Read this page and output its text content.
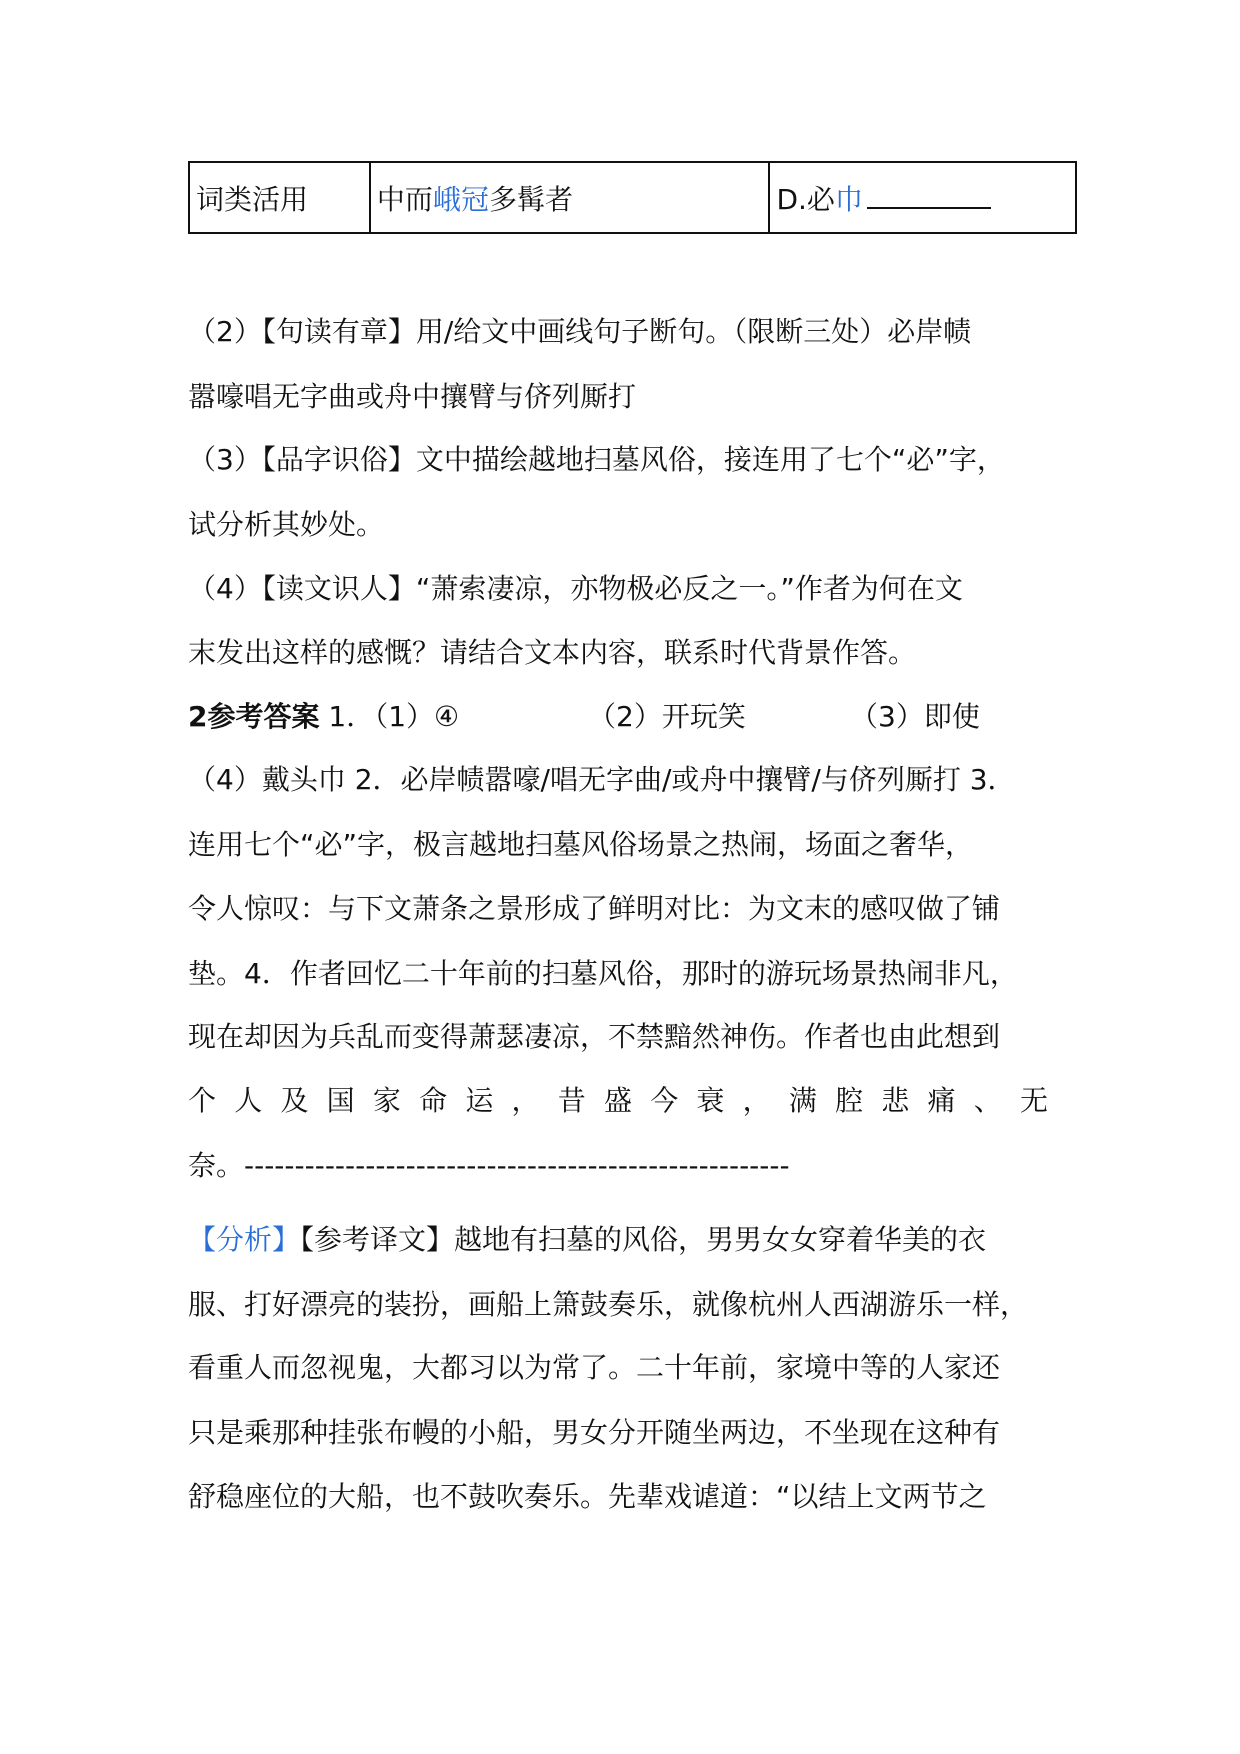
词类活用	中而峨冠多髯者	D.必巾
（2）【句读有章】用/给文中画线句子断句。（限断三处）必岸帻
嚣嚎唱无字曲或舟中攘臂与侪列厮打
（3）【品字识俗】文中描绘越地扫墓风俗，接连用了七个“必”字，
试分析其妙处。
（4）【读文识人】“萧索凄凉，亦物极必反之一。”作者为何在文
末发出这样的感慨？请结合文本内容，联系时代背景作答。
2参考答案 1．（1）④	（2）开玩笑	（3）即使
（4）戴头巾 2．必岸帻嚣嚎/唱无字曲/或舟中攘臂/与侪列厮打 3．
连用七个“必”字，极言越地扫墓风俗场景之热闹，场面之奢华，
令人惊叹：与下文萧条之景形成了鲜明对比：为文末的感叹做了铺
垫。4．作者回忆二十年前的扫墓风俗，那时的游玩场景热闹非凡，
现在却因为兵乱而变得萧瑟凄凉，不禁黯然神伤。作者也由此想到
个 人 及 国 家 命 运 ， 昔 盛 今 衰 ， 满 腔 悲 痛 、 无
奈。------------------------------------------------------
【分析】【参考译文】越地有扫墓的风俗，男男女女穿着华美的衣
服、打好漂亮的装扮，画船上箫鼓奏乐，就像杭州人西湖游乐一样，
看重人而忽视鬼，大都习以为常了。二十年前，家境中等的人家还
只是乘那种挂张布幔的小船，男女分开随坐两边，不坐现在这种有
舒稳座位的大船，也不鼓吹奏乐。先辈戏谑道：“以结上文两节之
